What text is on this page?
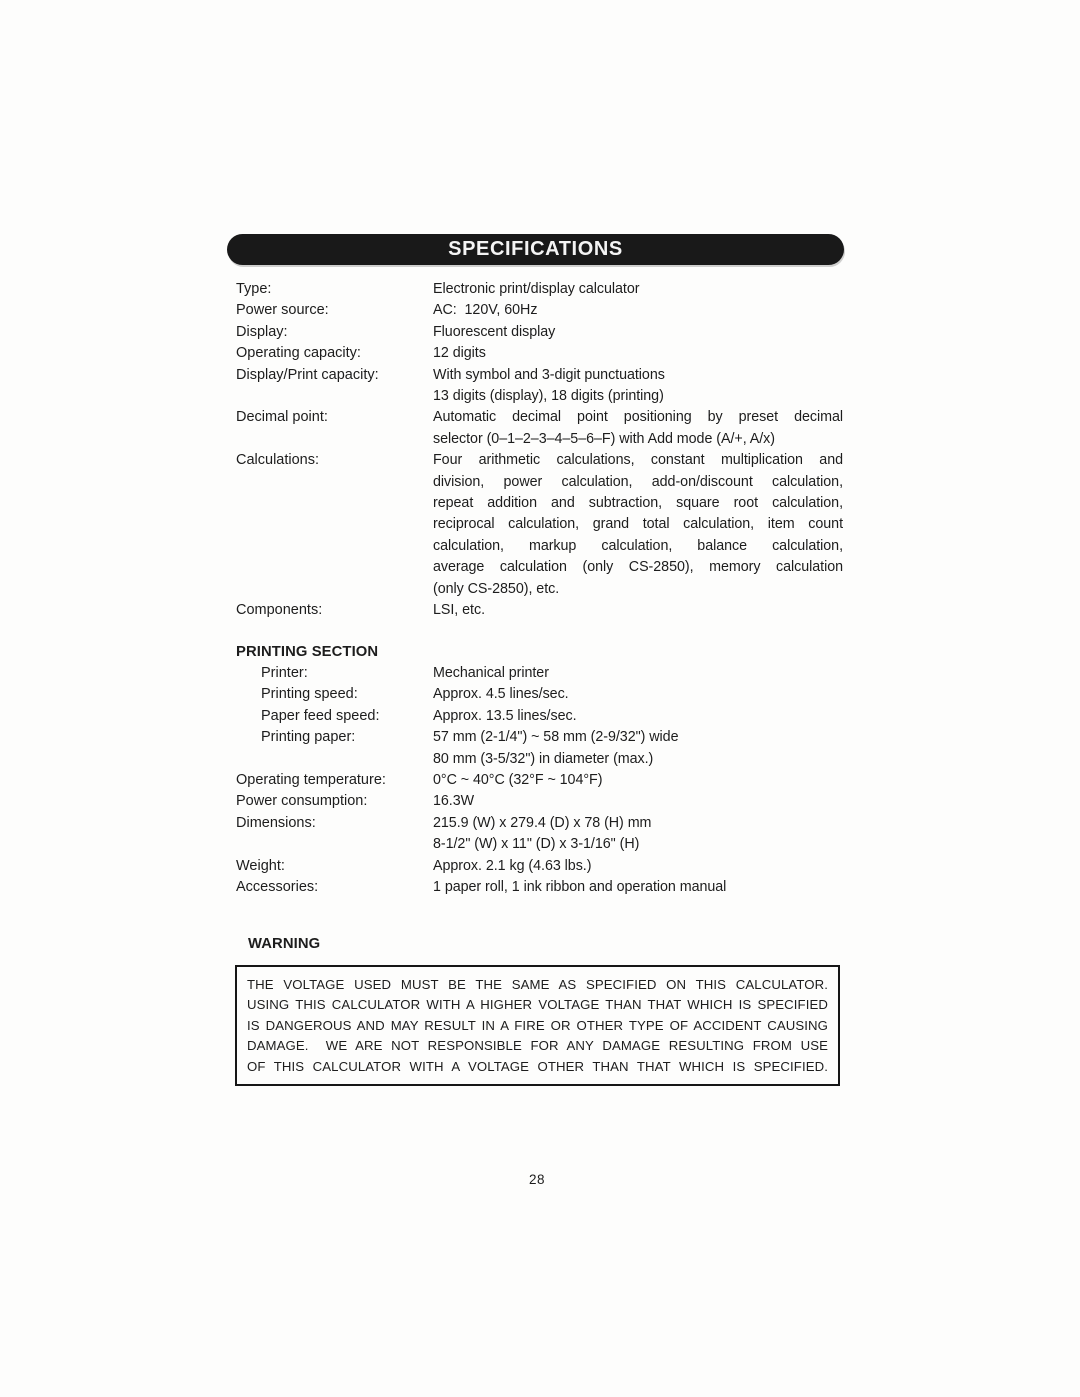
SPECIFICATIONS
Type:	Electronic print/display calculator
Power source:	AC:  120V, 60Hz
Display:	Fluorescent display
Operating capacity:	12 digits
Display/Print capacity:	With symbol and 3-digit punctuations
13 digits (display), 18 digits (printing)
Decimal point:	Automatic decimal point positioning by preset decimal
selector (0–1–2–3–4–5–6–F) with Add mode (A/+, A/x)
Calculations:	Four arithmetic calculations, constant multiplication and
division, power calculation, add-on/discount calculation,
repeat addition and subtraction, square root calculation,
reciprocal calculation, grand total calculation, item count
calculation, markup calculation, balance calculation,
average calculation (only CS-2850), memory calculation
(only CS-2850), etc.
Components:	LSI, etc.
PRINTING SECTION
Printer:	Mechanical printer
Printing speed:	Approx. 4.5 lines/sec.
Paper feed speed:	Approx. 13.5 lines/sec.
Printing paper:	57 mm (2-1/4") ~ 58 mm (2-9/32") wide
80 mm (3-5/32") in diameter (max.)
Operating temperature:	0°C ~ 40°C (32°F ~ 104°F)
Power consumption:	16.3W
Dimensions:	215.9 (W) x 279.4 (D) x 78 (H) mm
8-1/2" (W) x 11" (D) x 3-1/16" (H)
Weight:	Approx. 2.1 kg (4.63 lbs.)
Accessories:	1 paper roll, 1 ink ribbon and operation manual
WARNING
THE VOLTAGE USED MUST BE THE SAME AS SPECIFIED ON THIS CALCULATOR.
USING THIS CALCULATOR WITH A HIGHER VOLTAGE THAN THAT WHICH IS SPECIFIED
IS DANGEROUS AND MAY RESULT IN A FIRE OR OTHER TYPE OF ACCIDENT CAUSING
DAMAGE.  WE ARE NOT RESPONSIBLE FOR ANY DAMAGE RESULTING FROM USE
OF THIS CALCULATOR WITH A VOLTAGE OTHER THAN THAT WHICH IS SPECIFIED.
28
